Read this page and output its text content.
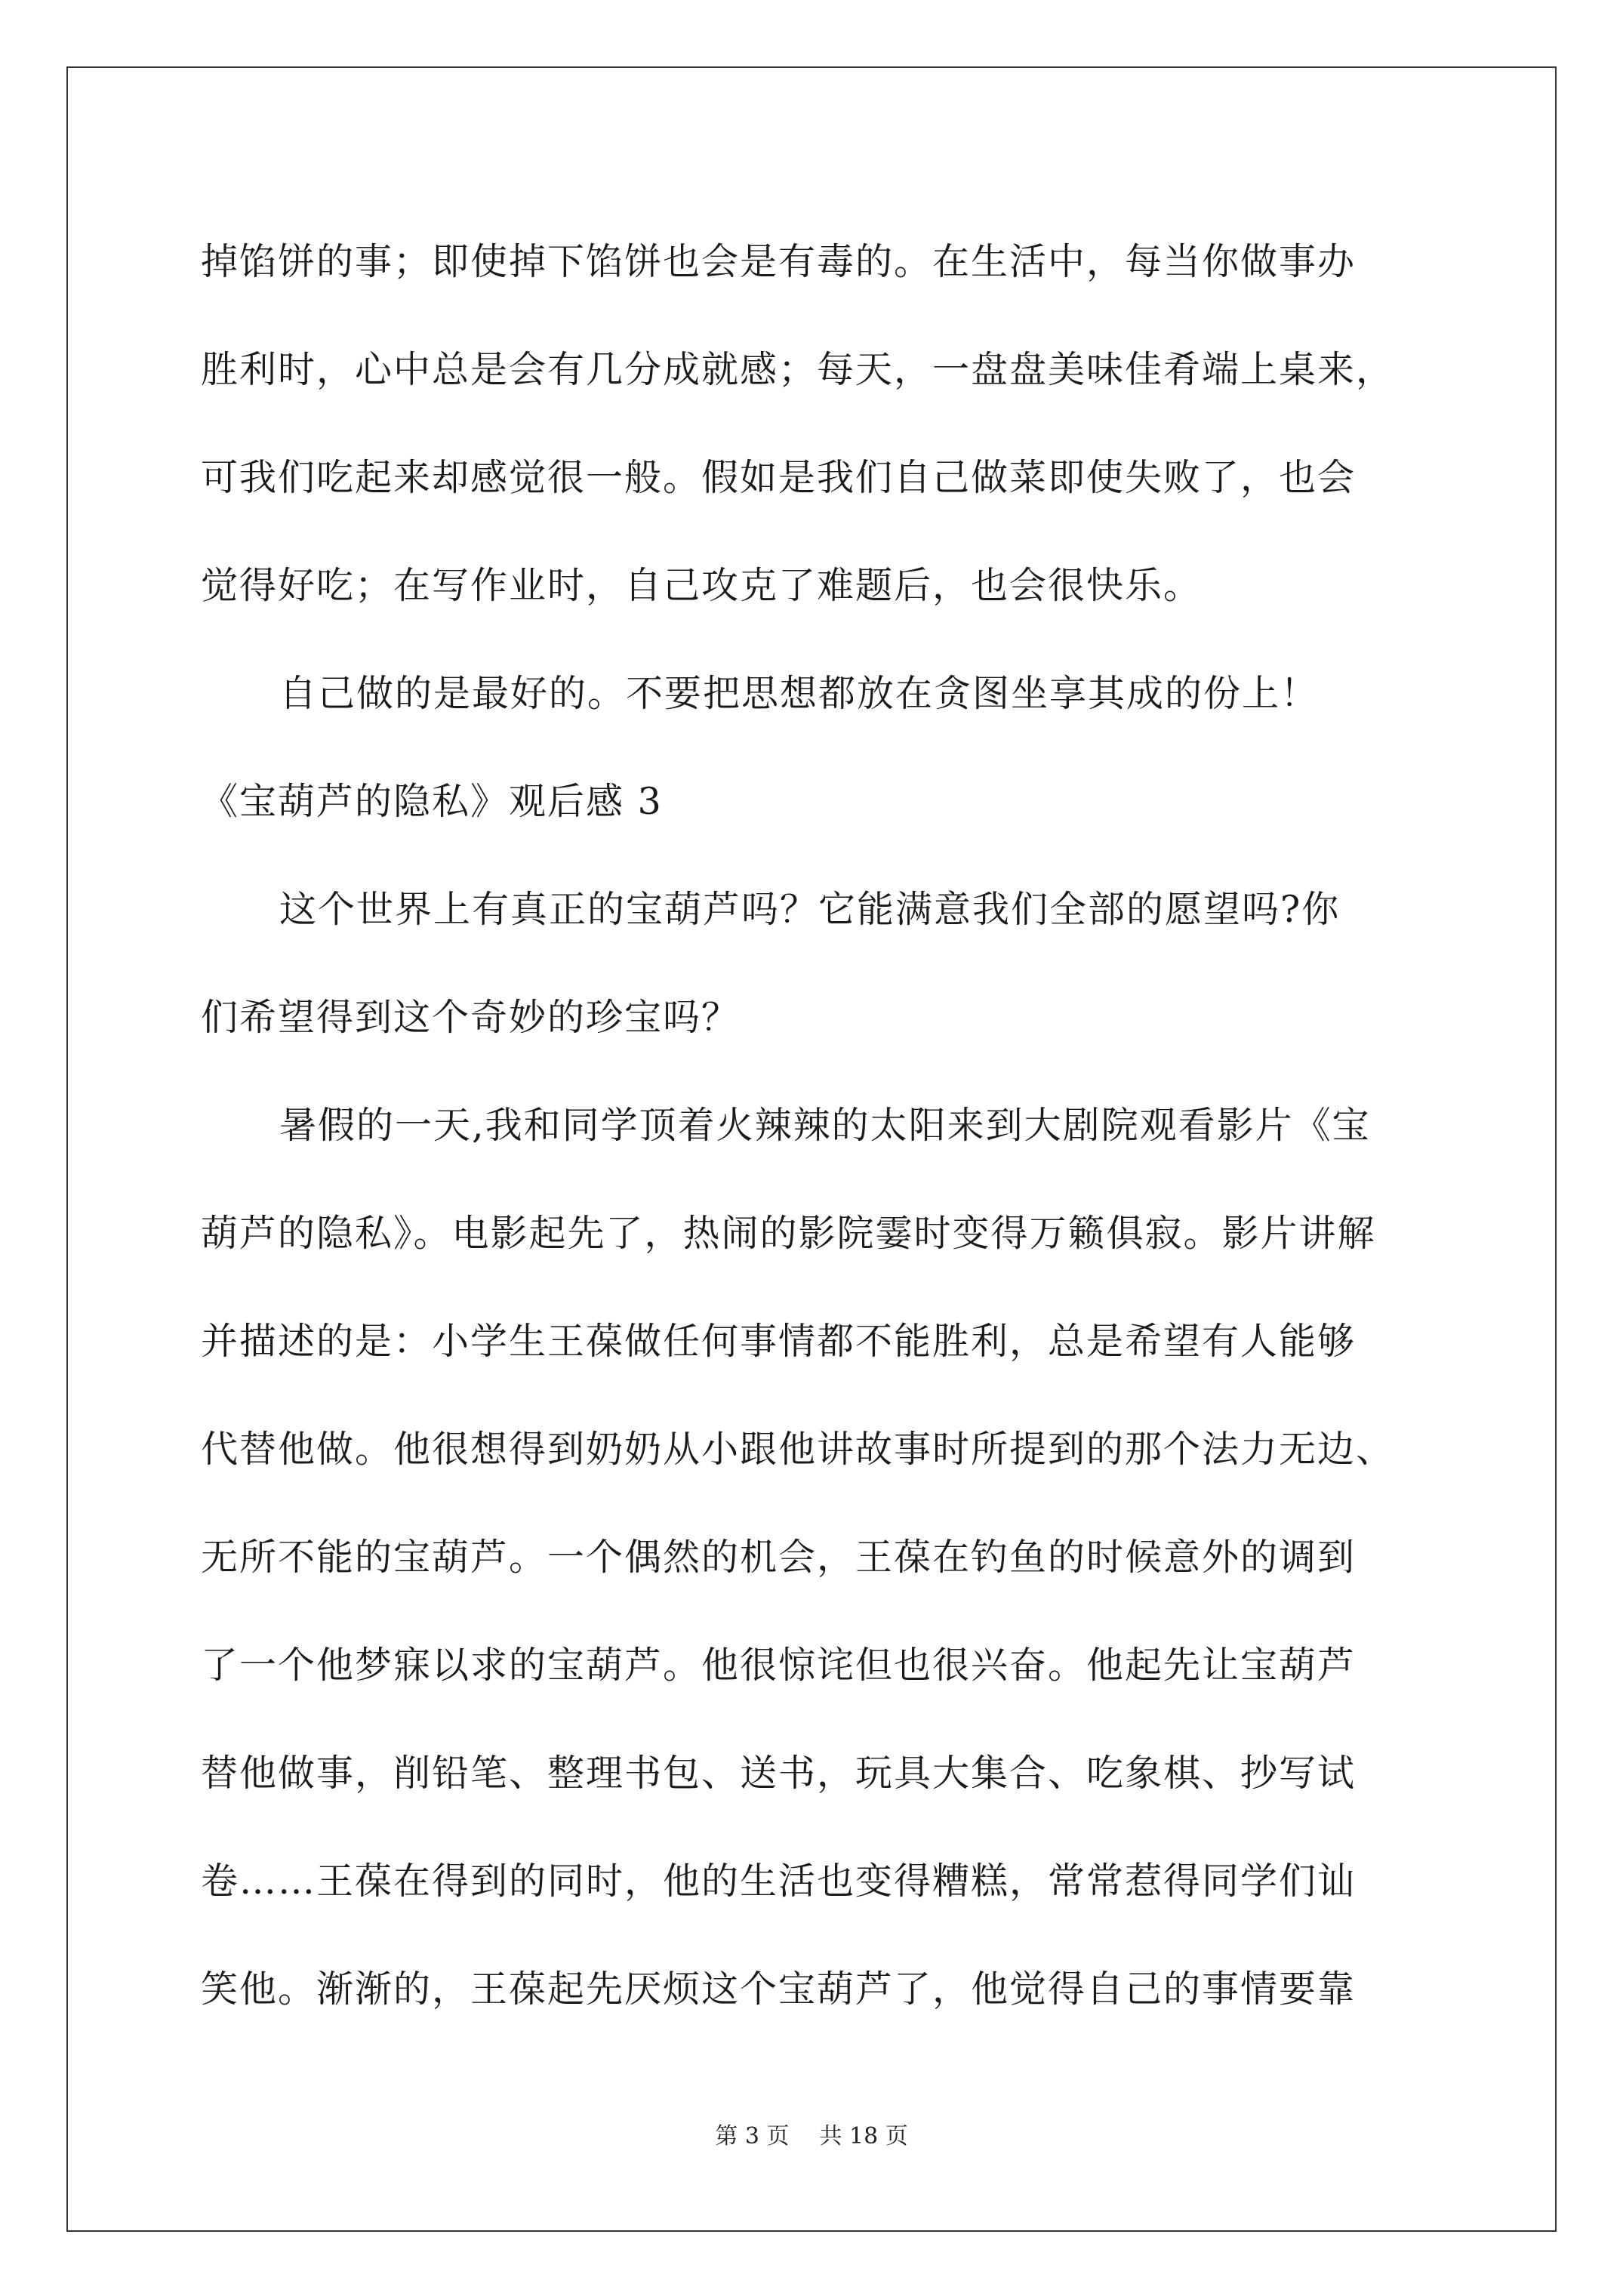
掉馅饼的事；即使掉下馅饼也会是有毒的。在生活中，每当你做事办
胜利时，心中总是会有几分成就感；每天，一盘盘美味佳肴端上桌来，
可我们吃起来却感觉很一般。假如是我们自己做菜即使失败了，也会
觉得好吃；在写作业时，自己攻克了难题后，也会很快乐。
自己做的是最好的。不要把思想都放在贪图坐享其成的份上！
《宝葫芦的隐私》观后感 3
这个世界上有真正的宝葫芦吗？它能满意我们全部的愿望吗?你
们希望得到这个奇妙的珍宝吗？
暑假的一天,我和同学顶着火辣辣的太阳来到大剧院观看影片《宝
葫芦的隐私》。电影起先了，热闹的影院霎时变得万籁俱寂。影片讲解
并描述的是：小学生王葆做任何事情都不能胜利，总是希望有人能够
代替他做。他很想得到奶奶从小跟他讲故事时所提到的那个法力无边、
无所不能的宝葫芦。一个偶然的机会，王葆在钓鱼的时候意外的调到
了一个他梦寐以求的宝葫芦。他很惊诧但也很兴奋。他起先让宝葫芦
替他做事，削铅笔、整理书包、送书，玩具大集合、吃象棋、抄写试
卷……王葆在得到的同时，他的生活也变得糟糕，常常惹得同学们讪
笑他。渐渐的，王葆起先厌烦这个宝葫芦了，他觉得自己的事情要靠
第 3 页 共 18 页
